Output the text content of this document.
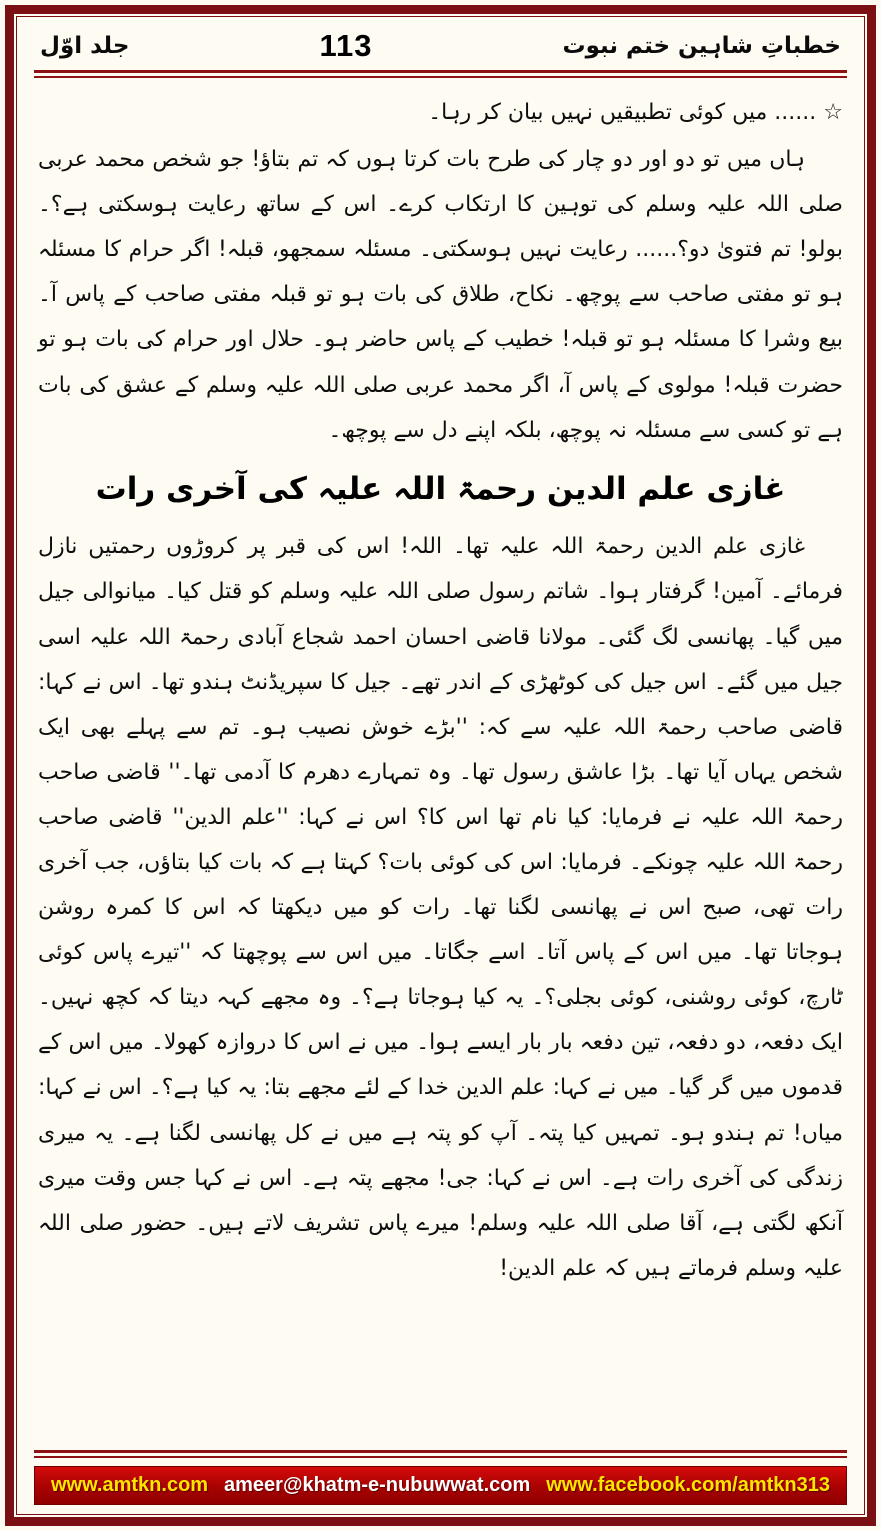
جلد اوّل	113	خطباتِ شاہین ختم نبوت

☆ ...... میں کوئی تطبیقیں نہیں بیان کر رہا۔

ہاں میں تو دو اور دو چار کی طرح بات کرتا ہوں کہ تم بتاؤ! جو شخص محمد عربی صلی اللہ علیہ وسلم کی توہین کا ارتکاب کرے۔ اس کے ساتھ رعایت ہوسکتی ہے؟۔ بولو! تم فتویٰ دو؟...... رعایت نہیں ہوسکتی۔ مسئلہ سمجھو، قبلہ! اگر حرام کا مسئلہ ہو تو مفتی صاحب سے پوچھ۔ نکاح، طلاق کی بات ہو تو قبلہ مفتی صاحب کے پاس آ۔ بیع وشرا کا مسئلہ ہو تو قبلہ! خطیب کے پاس حاضر ہو۔ حلال اور حرام کی بات ہو تو حضرت قبلہ! مولوی کے پاس آ، اگر محمد عربی صلی اللہ علیہ وسلم کے عشق کی بات ہے تو کسی سے مسئلہ نہ پوچھ، بلکہ اپنے دل سے پوچھ۔

غازی علم الدین رحمۃ اللہ علیہ کی آخری رات

غازی علم الدین رحمۃ اللہ علیہ تھا۔ اللہ! اس کی قبر پر کروڑوں رحمتیں نازل فرمائے۔ آمین! گرفتار ہوا۔ شاتم رسول صلی اللہ علیہ وسلم کو قتل کیا۔ میانوالی جیل میں گیا۔ پھانسی لگ گئی۔ مولانا قاضی احسان احمد شجاع آبادی رحمۃ اللہ علیہ اسی جیل میں گئے۔ اس جیل کی کوٹھڑی کے اندر تھے۔ جیل کا سپریڈنٹ ہندو تھا۔ اس نے کہا: قاضی صاحب رحمۃ اللہ علیہ سے کہ: ''بڑے خوش نصیب ہو۔ تم سے پہلے بھی ایک شخص یہاں آیا تھا۔ بڑا عاشق رسول تھا۔ وہ تمہارے دھرم کا آدمی تھا۔'' قاضی صاحب رحمۃ اللہ علیہ نے فرمایا: کیا نام تھا اس کا؟ اس نے کہا: ''علم الدین'' قاضی صاحب رحمۃ اللہ علیہ چونکے۔ فرمایا: اس کی کوئی بات؟ کہتا ہے کہ بات کیا بتاؤں، جب آخری رات تھی، صبح اس نے پھانسی لگنا تھا۔ رات کو میں دیکھتا کہ اس کا کمرہ روشن ہوجاتا تھا۔ میں اس کے پاس آتا۔ اسے جگاتا۔ میں اس سے پوچھتا کہ ''تیرے پاس کوئی ٹارچ، کوئی روشنی، کوئی بجلی؟۔ یہ کیا ہوجاتا ہے؟۔ وہ مجھے کہہ دیتا کہ کچھ نہیں۔ ایک دفعہ، دو دفعہ، تین دفعہ بار بار ایسے ہوا۔ میں نے اس کا دروازہ کھولا۔ میں اس کے قدموں میں گر گیا۔ میں نے کہا: علم الدین خدا کے لئے مجھے بتا: یہ کیا ہے؟۔ اس نے کہا: میاں! تم ہندو ہو۔ تمہیں کیا پتہ۔ آپ کو پتہ ہے میں نے کل پھانسی لگنا ہے۔ یہ میری زندگی کی آخری رات ہے۔ اس نے کہا: جی! مجھے پتہ ہے۔ اس نے کہا جس وقت میری آنکھ لگتی ہے، آقا صلی اللہ علیہ وسلم! میرے پاس تشریف لاتے ہیں۔ حضور صلی اللہ علیہ وسلم فرماتے ہیں کہ علم الدین!

www.amtkn.com ameer@khatm-e-nubuwwat.com www.facebook.com/amtkn313
